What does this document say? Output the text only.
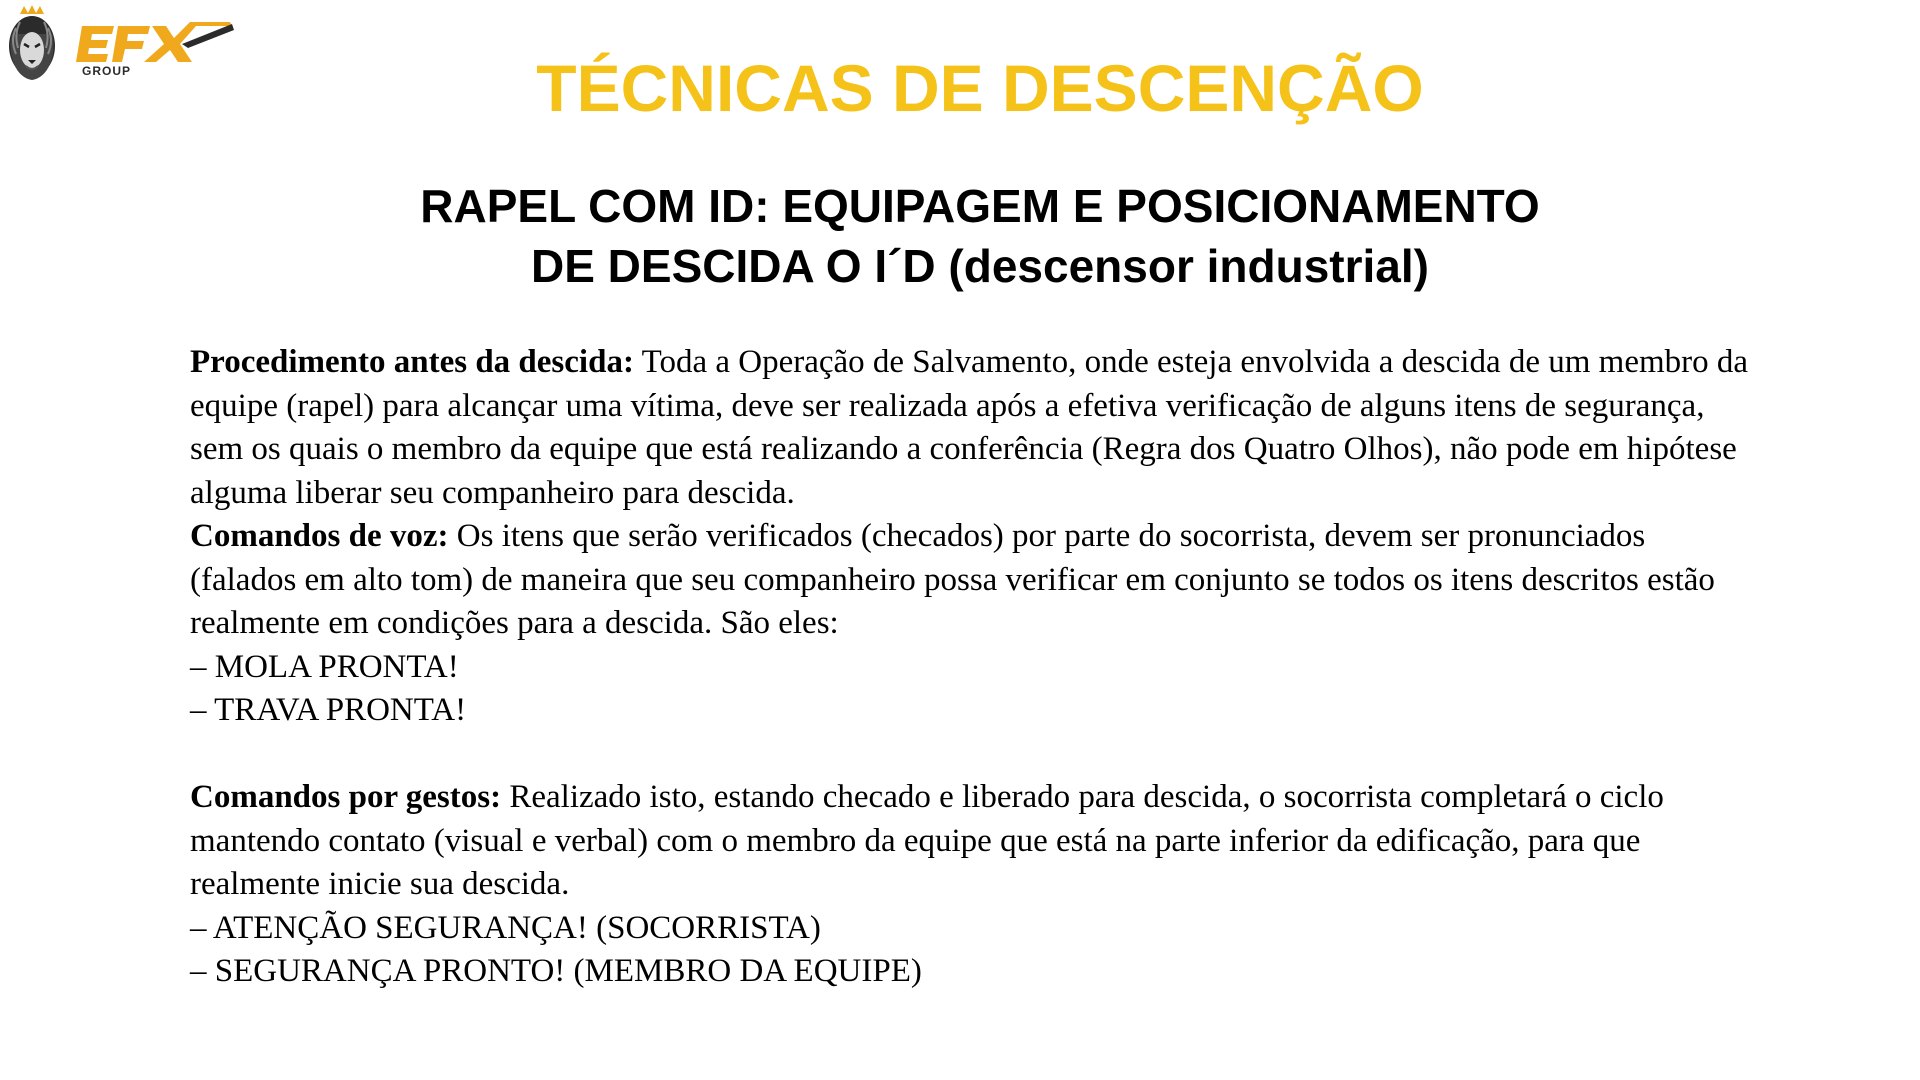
GROUP	TÉCNICAS DE DESCENÇÃO
RAPEL COM ID: EQUIPAGEM E POSICIONAMENTO
DE DESCIDA O I´D (descensor industrial)

Procedimento antes da descida: Toda a Operação de Salvamento, onde esteja envolvida a descida de um membro da equipe (rapel) para alcançar uma vítima, deve ser realizada após a efetiva verificação de alguns itens de segurança, sem os quais o membro da equipe que está realizando a conferência (Regra dos Quatro Olhos), não pode em hipótese alguma liberar seu companheiro para descida.

Comandos de voz: Os itens que serão verificados (checados) por parte do socorrista, devem ser pronunciados (falados em alto tom) de maneira que seu companheiro possa verificar em conjunto se todos os itens descritos estão realmente em condições para a descida. São eles:

– MOLA PRONTA!

– TRAVA PRONTA!

Comandos por gestos: Realizado isto, estando checado e liberado para descida, o socorrista completará o ciclo mantendo contato (visual e verbal) com o membro da equipe que está na parte inferior da edificação, para que realmente inicie sua descida.

– ATENÇÃO SEGURANÇA! (SOCORRISTA)

– SEGURANÇA PRONTO! (MEMBRO DA EQUIPE)
